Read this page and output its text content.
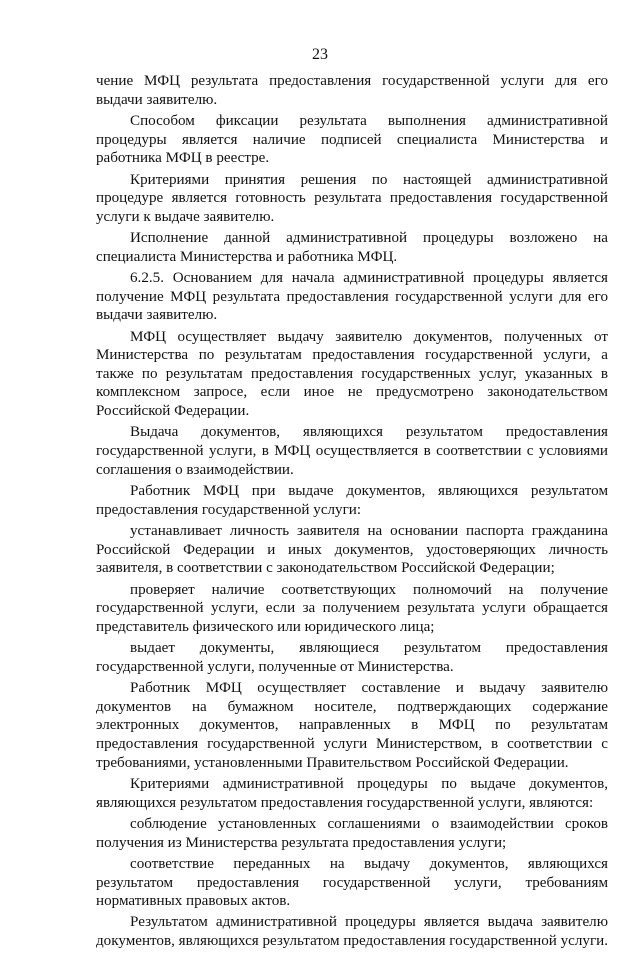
23

чение МФЦ результата предоставления государственной услуги для его выдачи заявителю.

Способом фиксации результата выполнения административной процедуры является наличие подписей специалиста Министерства и работника МФЦ в реестре.

Критериями принятия решения по настоящей административной процедуре является готовность результата предоставления государственной услуги к выдаче заявителю.

Исполнение данной административной процедуры возложено на специалиста Министерства и работника МФЦ.

6.2.5. Основанием для начала административной процедуры является получение МФЦ результата предоставления государственной услуги для его выдачи заявителю.

МФЦ осуществляет выдачу заявителю документов, полученных от Министерства по результатам предоставления государственной услуги, а также по результатам предоставления государственных услуг, указанных в комплексном запросе, если иное не предусмотрено законодательством Российской Федерации.

Выдача документов, являющихся результатом предоставления государственной услуги, в МФЦ осуществляется в соответствии с условиями соглашения о взаимодействии.

Работник МФЦ при выдаче документов, являющихся результатом предоставления государственной услуги:

устанавливает личность заявителя на основании паспорта гражданина Российской Федерации и иных документов, удостоверяющих личность заявителя, в соответствии с законодательством Российской Федерации;

проверяет наличие соответствующих полномочий на получение государственной услуги, если за получением результата услуги обращается представитель физического или юридического лица;

выдает документы, являющиеся результатом предоставления государственной услуги, полученные от Министерства.

Работник МФЦ осуществляет составление и выдачу заявителю документов на бумажном носителе, подтверждающих содержание электронных документов, направленных в МФЦ по результатам предоставления государственной услуги Министерством, в соответствии с требованиями, установленными Правительством Российской Федерации.

Критериями административной процедуры по выдаче документов, являющихся результатом предоставления государственной услуги, являются:

соблюдение установленных соглашениями о взаимодействии сроков получения из Министерства результата предоставления услуги;

соответствие переданных на выдачу документов, являющихся результатом предоставления государственной услуги, требованиям нормативных правовых актов.

Результатом административной процедуры является выдача заявителю документов, являющихся результатом предоставления государственной услуги.
